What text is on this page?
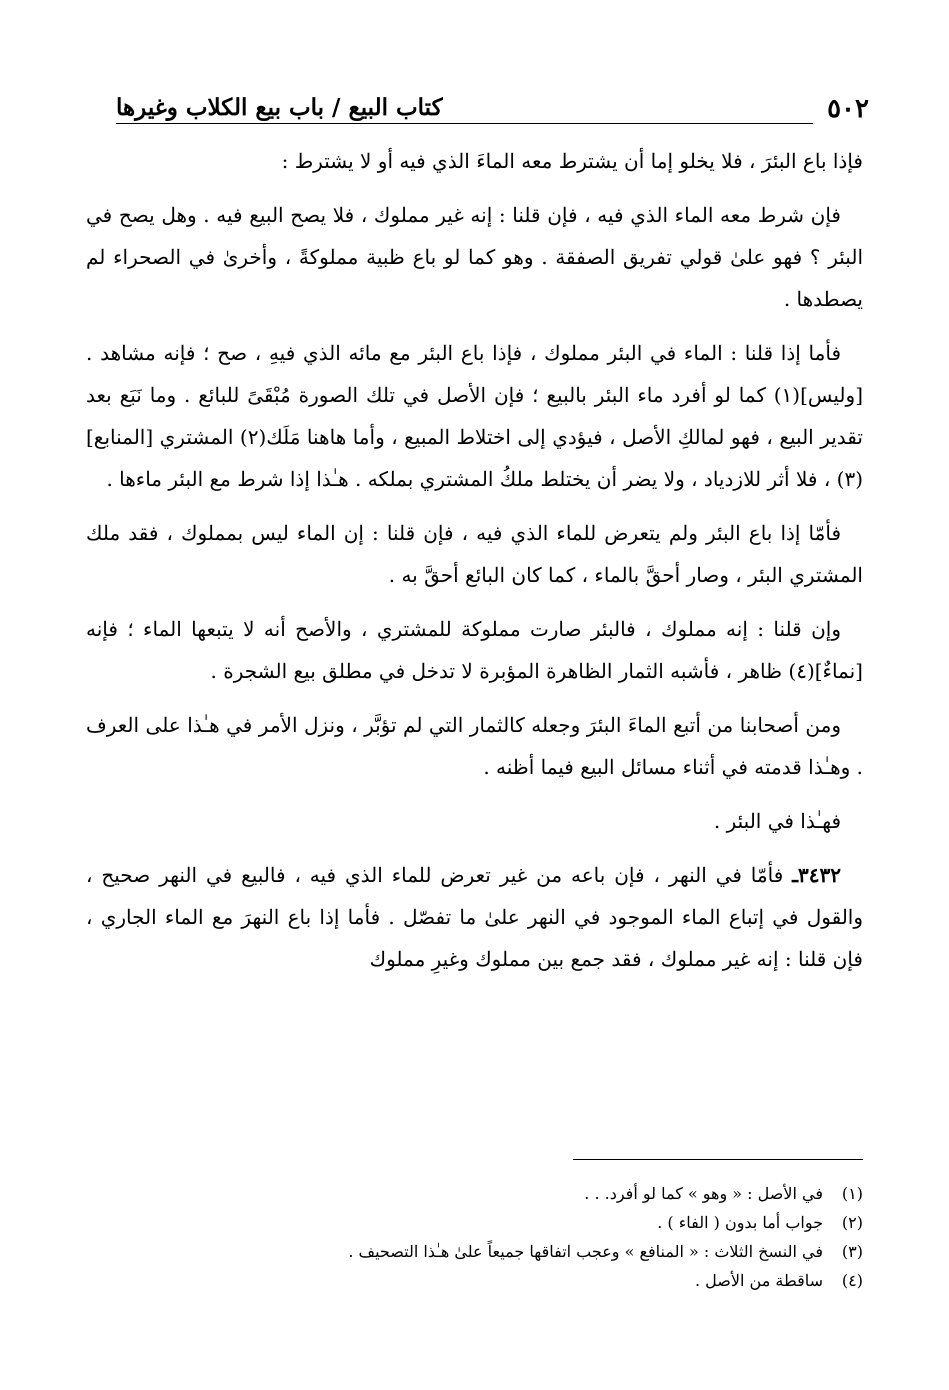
٥٠٢
كتاب البيع / باب بيع الكلاب وغيرها

فإذا باع البئرَ ، فلا يخلو إما أن يشترط معه الماءَ الذي فيه أو لا يشترط :

فإن شرط معه الماء الذي فيه ، فإن قلنا : إنه غير مملوك ، فلا يصح البيع فيه . وهل يصح في البئر ؟ فهو علىٰ قولي تفريق الصفقة . وهو كما لو باع ظبية مملوكةً ، وأخرىٰ في الصحراء لم يصطدها .

فأما إذا قلنا : الماء في البئر مملوك ، فإذا باع البئر مع مائه الذي فيهِ ، صح ؛ فإنه مشاهد . [وليس](١) كما لو أفرد ماء البئر بالبيع ؛ فإن الأصل في تلك الصورة مُبْقَىً للبائع . وما نَبَع بعد تقدير البيع ، فهو لمالكِ الأصل ، فيؤدي إلى اختلاط المبيع ، وأما هاهنا مَلَك(٢) المشتري [المنابع](٣) ، فلا أثر للازدياد ، ولا يضر أن يختلط ملكُ المشتري بملكه . هـٰذا إذا شرط مع البئر ماءها .

فأمّا إذا باع البئر ولم يتعرض للماء الذي فيه ، فإن قلنا : إن الماء ليس بمملوك ، فقد ملك المشتري البئر ، وصار أحقَّ بالماء ، كما كان البائع أحقَّ به .

وإن قلنا : إنه مملوك ، فالبئر صارت مملوكة للمشتري ، والأصح أنه لا يتبعها الماء ؛ فإنه [نماءٌ](٤) ظاهر ، فأشبه الثمار الظاهرة المؤبرة لا تدخل في مطلق بيع الشجرة .

ومن أصحابنا من أتبع الماءَ البئرَ وجعله كالثمار التي لم تؤبَّر ، ونزل الأمر في هـٰذا على العرف . وهـٰذا قدمته في أثناء مسائل البيع فيما أظنه .

فهـٰذا في البئر .

٣٤٣٢ـ فأمّا في النهر ، فإن باعه من غير تعرض للماء الذي فيه ، فالبيع في النهر صحيح ، والقول في إتباع الماء الموجود في النهر علىٰ ما تفصّل . فأما إذا باع النهرَ مع الماء الجاري ، فإن قلنا : إنه غير مملوك ، فقد جمع بين مملوك وغيرِ مملوك

(١)
في الأصل : « وهو » كما لو أفرد. . .
(٢)
جواب أما بدون ( الفاء ) .
(٣)
في النسخ الثلاث : « المنافع » وعجب اتفاقها جميعاً علىٰ هـٰذا التصحيف .
(٤)
ساقطة من الأصل .
